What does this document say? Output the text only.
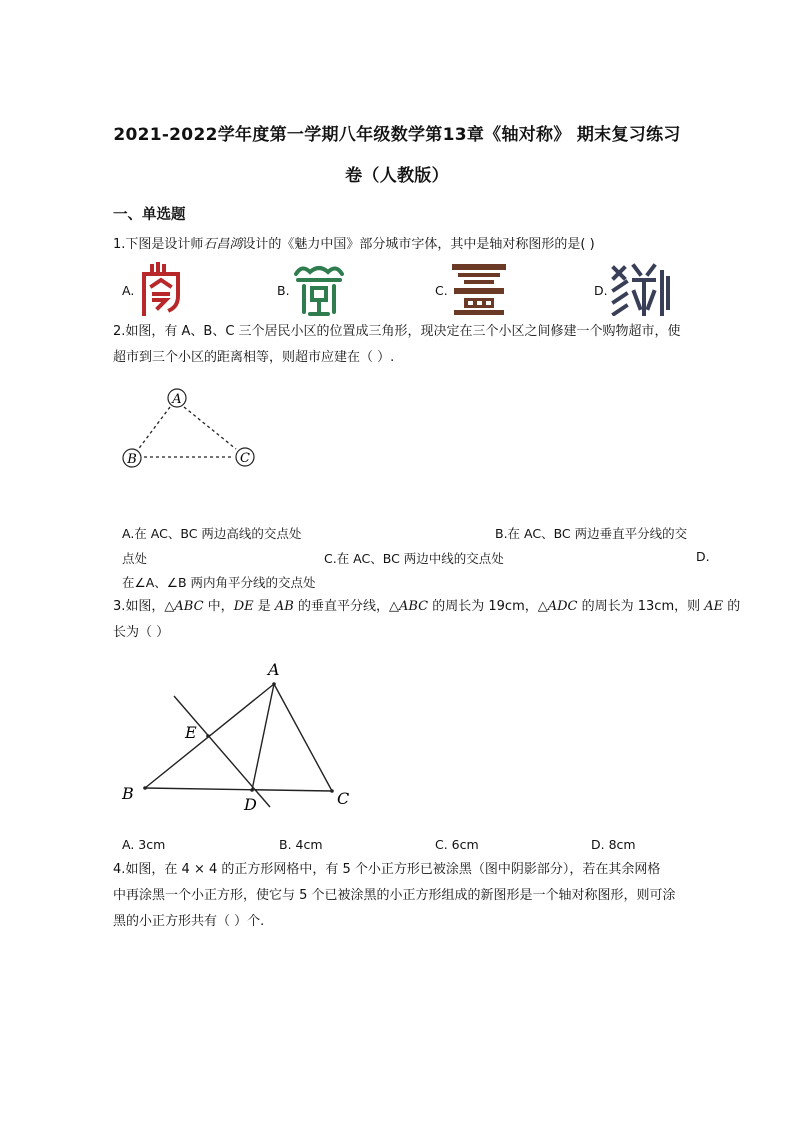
2021-2022学年度第一学期八年级数学第13章《轴对称》 期末复习练习
卷（人教版）
一、单选题
1.下图是设计师石昌鸿设计的《魅力中国》部分城市字体，其中是轴对称图形的是( )
A.	B.	C.	D.
2.如图，有 A、B、C 三个居民小区的位置成三角形，现决定在三个小区之间修建一个购物超市，使
超市到三个小区的距离相等，则超市应建在（ ）.
A
B	C
A.在 AC、BC 两边高线的交点处	B.在 AC、BC 两边垂直平分线的交
点处	C.在 AC、BC 两边中线的交点处	D.
在∠A、∠B 两内角平分线的交点处
3.如图，△ABC 中，DE 是 AB 的垂直平分线，△ABC 的周长为 19cm，△ADC 的周长为 13cm，则 AE 的
长为（ ）
A
E
B
D	C
A. 3cm	B. 4cm	C. 6cm	D. 8cm
4.如图，在 4 × 4 的正方形网格中，有 5 个小正方形已被涂黑（图中阴影部分），若在其余网格
中再涂黑一个小正方形，使它与 5 个已被涂黑的小正方形组成的新图形是一个轴对称图形，则可涂
黑的小正方形共有（ ）个.
